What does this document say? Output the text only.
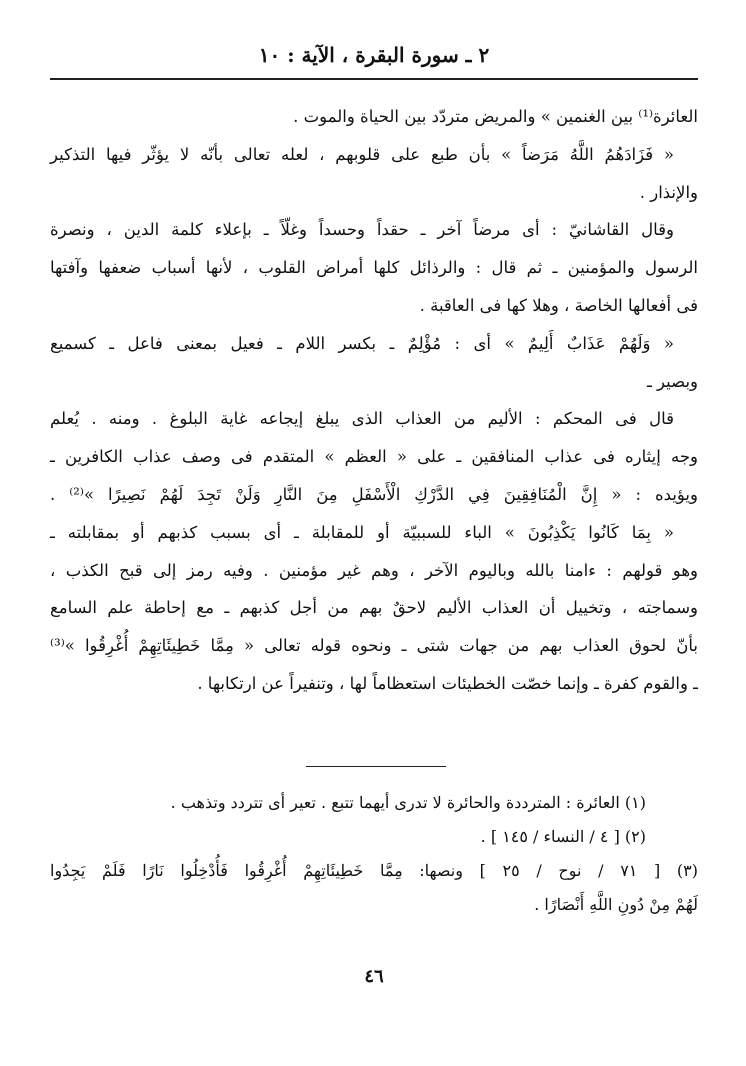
٢ ـ سورة البقرة ، الآية : ١٠

العائرة⁽¹⁾ بين الغنمين » والمريض متردّد بين الحياة والموت .

« فَزَادَهُمُ اللَّهُ مَرَضاً » بأن طبع على قلوبهم ، لعله تعالى بأنّه لا يؤثّر فيها التذكير

والإنذار .

وقال القاشانيّ : أى مرضاً آخر ـ حقداً وحسداً وغلّاً ـ بإعلاء كلمة الدين ، ونصرة

الرسول والمؤمنين ـ ثم قال : والرذائل كلها أمراض القلوب ، لأنها أسباب ضعفها وآفتها

فى أفعالها الخاصة ، وهلا كها فى العاقبة .

« وَلَهُمْ عَذَابٌ أَلِيمٌ » أى : مُؤْلِمٌ ـ بكسر اللام ـ فعيل بمعنى فاعل ـ كسميع

وبصير ـ

قال فى المحكم : الأليم من العذاب الذى يبلغ إيجاعه غاية البلوغ . ومنه . يُعلم

وجه إيثاره فى عذاب المنافقين ـ على « العظم » المتقدم فى وصف عذاب الكافرين ـ

ويؤيده : « إِنَّ الْمُنَافِقِينَ فِي الدَّرْكِ الْأَسْفَلِ مِنَ النَّارِ وَلَنْ تَجِدَ لَهُمْ نَصِيرًا »⁽²⁾ .

« بِمَا كَانُوا يَكْذِبُونَ » الباء للسببيّة أو للمقابلة ـ أى بسبب كذبهم أو بمقابلته ـ

وهو قولهم : ءامنا بالله وباليوم الآخر ، وهم غير مؤمنين . وفيه رمز إلى قبح الكذب ،

وسماجته ، وتخييل أن العذاب الأليم لاحقٌ بهم من أجل كذبهم ـ مع إحاطة علم السامع

بأنّ لحوق العذاب بهم من جهات شتى ـ ونحوه قوله تعالى « مِمَّا خَطِيئَاتِهِمْ أُغْرِقُوا »⁽³⁾

ـ والقوم كفرة ـ وإنما خصّت الخطيئات استعظاماً لها ، وتنفيراً عن ارتكابها .

(١) العائرة : المترددة والحائرة لا تدرى أيهما تتبع . تعير أى تتردد وتذهب .

(٢) [ ٤ / النساء / ١٤٥ ] .

(٣) [ ٧١ / نوح / ٢٥ ] ونصها: مِمَّا خَطِيئَاتِهِمْ أُغْرِقُوا فَأُدْخِلُوا نَارًا فَلَمْ يَجِدُوا

لَهُمْ مِنْ دُونِ اللَّهِ أَنْصَارًا .

٤٦
